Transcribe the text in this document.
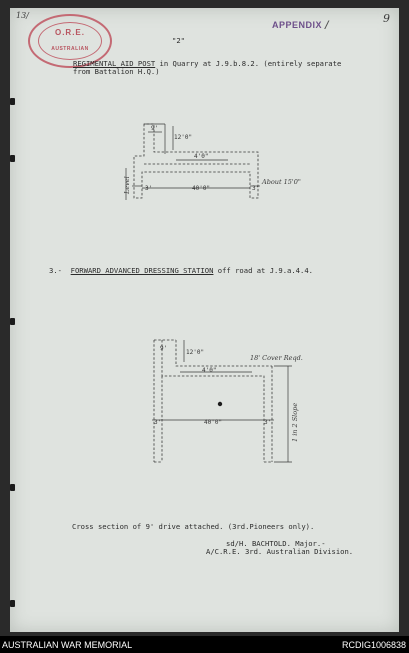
13/	9
O.R.E.
AUSTRALIAN
APPENDIX /
"2"
REGIMENTAL AID POST in Quarry at J.9.b.8.2. (entirely separate
from Battalion H.Q.)
9'
12'0"
4'0"
3'	40'0"	3'
About 15'0"
Level
3.- FORWARD ADVANCED DRESSING STATION off road at J.9.a.4.4.
9'
12'0"
18' Cover Reqd.
4'0"
3'	40'0"	3'	1 in 2 Slope
Cross section of 9' drive attached. (3rd.Pioneers only).
sd/H. BACHTOLD. Major.-
A/C.R.E. 3rd. Australian Division.
AUSTRALIAN WAR MEMORIAL	RCDIG1006838
